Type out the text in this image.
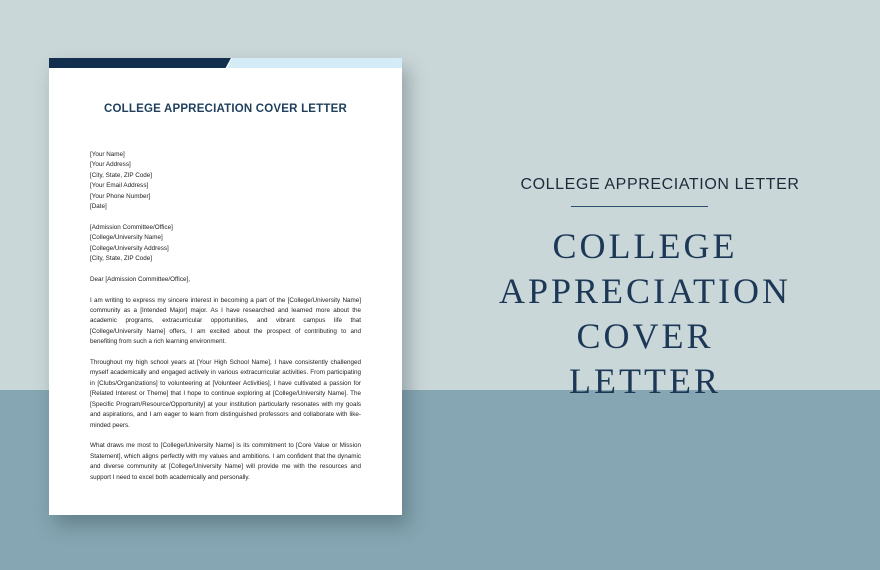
COLLEGE APPRECIATION COVER LETTER
[Your Name]
[Your Address]
[City, State, ZIP Code]
[Your Email Address]
[Your Phone Number]
[Date]
[Admission Committee/Office]
[College/University Name]
[College/University Address]
[City, State, ZIP Code]

Dear [Admission Committee/Office],

I am writing to express my sincere interest in becoming a part of the [College/University Name] community as a [Intended Major] major. As I have researched and learned more about the academic programs, extracurricular opportunities, and vibrant campus life that [College/University Name] offers, I am excited about the prospect of contributing to and benefiting from such a rich learning environment.

Throughout my high school years at [Your High School Name], I have consistently challenged myself academically and engaged actively in various extracurricular activities. From participating in [Clubs/Organizations] to volunteering at [Volunteer Activities], I have cultivated a passion for [Related Interest or Theme] that I hope to continue exploring at [College/University Name]. The [Specific Program/Resource/Opportunity] at your institution particularly resonates with my goals and aspirations, and I am eager to learn from distinguished professors and collaborate with like-minded peers.

What draws me most to [College/University Name] is its commitment to [Core Value or Mission Statement], which aligns perfectly with my values and ambitions. I am confident that the dynamic and diverse community at [College/University Name] will provide me with the resources and support I need to excel both academically and personally.

COLLEGE APPRECIATION LETTER
COLLEGE
APPRECIATION COVER
LETTER
